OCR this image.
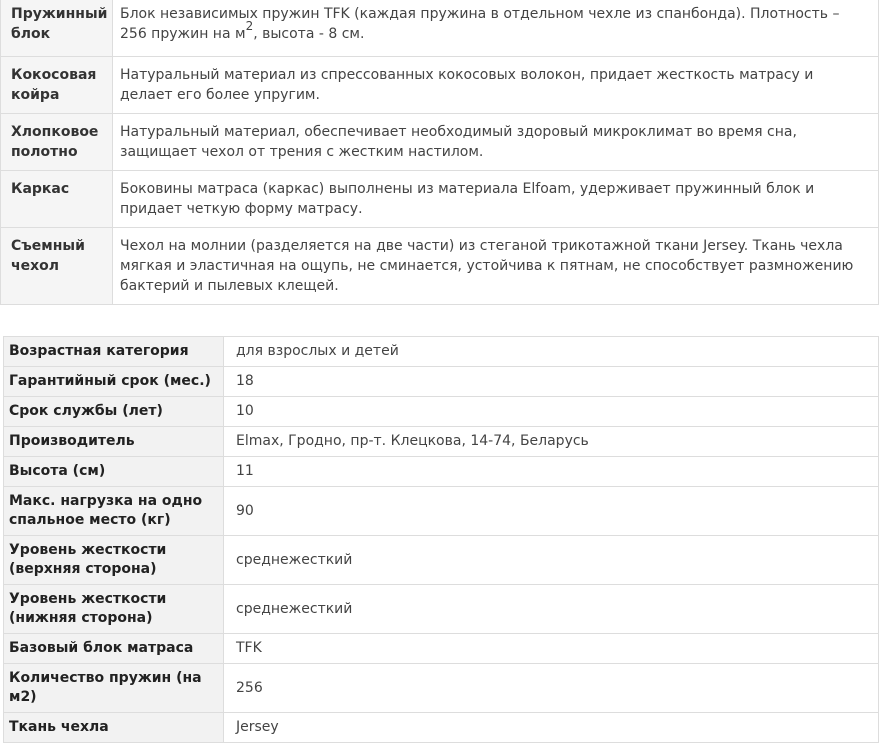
Пружинный блок	Блок независимых пружин TFK (каждая пружина в отдельном чехле из спанбонда). Плотность – 256 пружин на $м^2$, высота - 8 см.
Кокосовая койра	Натуральный материал из спрессованных кокосовых волокон, придает жесткость матрасу и делает его более упругим.
Хлопковое полотно	Натуральный материал, обеспечивает необходимый здоровый микроклимат во время сна, защищает чехол от трения с жестким настилом.
Каркас	Боковины матраса (каркас) выполнены из материала Elfoam, удерживает пружинный блок и придает четкую форму матрасу.
Съемный чехол	Чехол на молнии (разделяется на две части) из стеганой трикотажной ткани Jersey. Ткань чехла мягкая и эластичная на ощупь, не сминается, устойчива к пятнам, не способствует размножению бактерий и пылевых клещей.
Возрастная категория	для взрослых и детей
Гарантийный срок (мес.)	18
Срок службы (лет)	10
Производитель	Elmax, Гродно, пр-т. Клецкова, 14-74, Беларусь
Высота (см)	11
Макс. нагрузка на одно спальное место (кг)	90
Уровень жесткости (верхняя сторона)	среднежесткий
Уровень жесткости (нижняя сторона)	среднежесткий
Базовый блок матраса	TFK
Количество пружин (на м2)	256
Ткань чехла	Jersey
